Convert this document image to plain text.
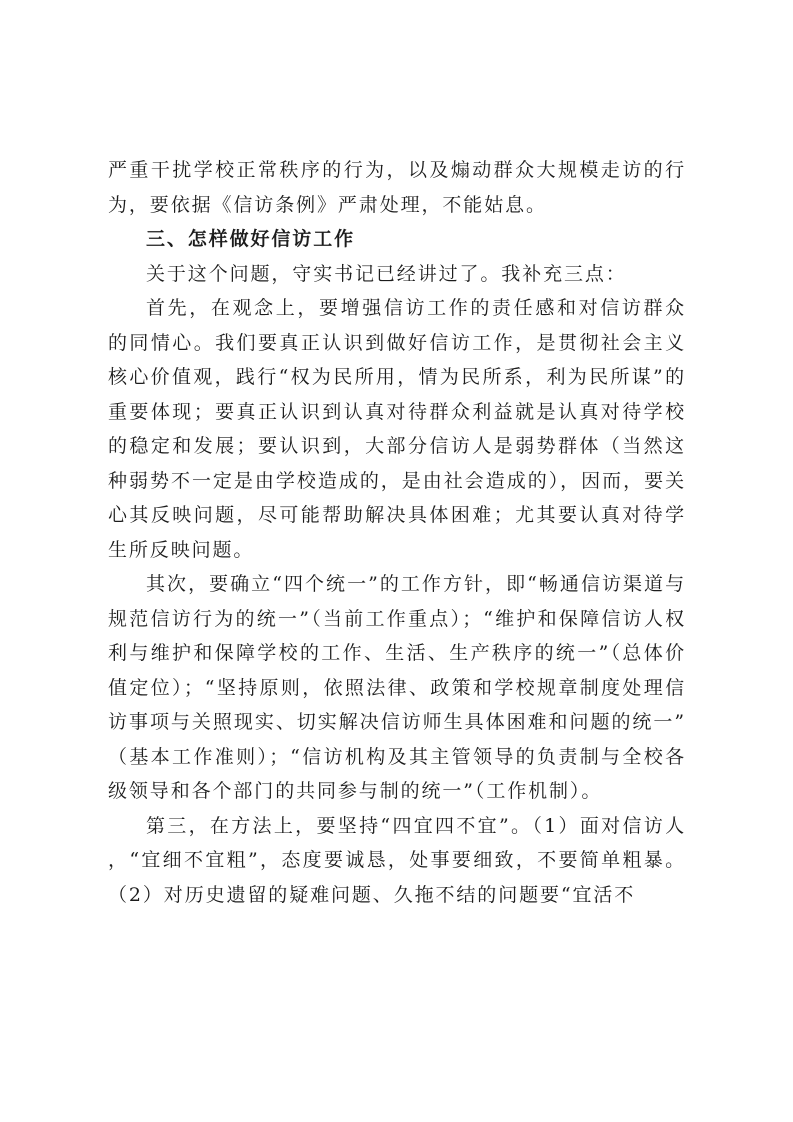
严重干扰学校正常秩序的行为，以及煽动群众大规模走访的行为，要依据《信访条例》严肃处理，不能姑息。

三、怎样做好信访工作

关于这个问题，守实书记已经讲过了。我补充三点：

首先，在观念上，要增强信访工作的责任感和对信访群众的同情心。我们要真正认识到做好信访工作，是贯彻社会主义核心价值观，践行“权为民所用，情为民所系，利为民所谋”的重要体现；要真正认识到认真对待群众利益就是认真对待学校的稳定和发展；要认识到，大部分信访人是弱势群体（当然这种弱势不一定是由学校造成的，是由社会造成的），因而，要关心其反映问题，尽可能帮助解决具体困难；尤其要认真对待学生所反映问题。

其次，要确立“四个统一”的工作方针，即“畅通信访渠道与规范信访行为的统一”（当前工作重点）；“维护和保障信访人权利与维护和保障学校的工作、生活、生产秩序的统一”（总体价值定位）；“坚持原则，依照法律、政策和学校规章制度处理信访事项与关照现实、切实解决信访师生具体困难和问题的统一”（基本工作准则）；“信访机构及其主管领导的负责制与全校各级领导和各个部门的共同参与制的统一”（工作机制）。

第三，在方法上，要坚持“四宜四不宜”。（1）面对信访人，“宜细不宜粗”，态度要诚恳，处事要细致，不要简单粗暴。（2）对历史遗留的疑难问题、久拖不结的问题要“宜活不
